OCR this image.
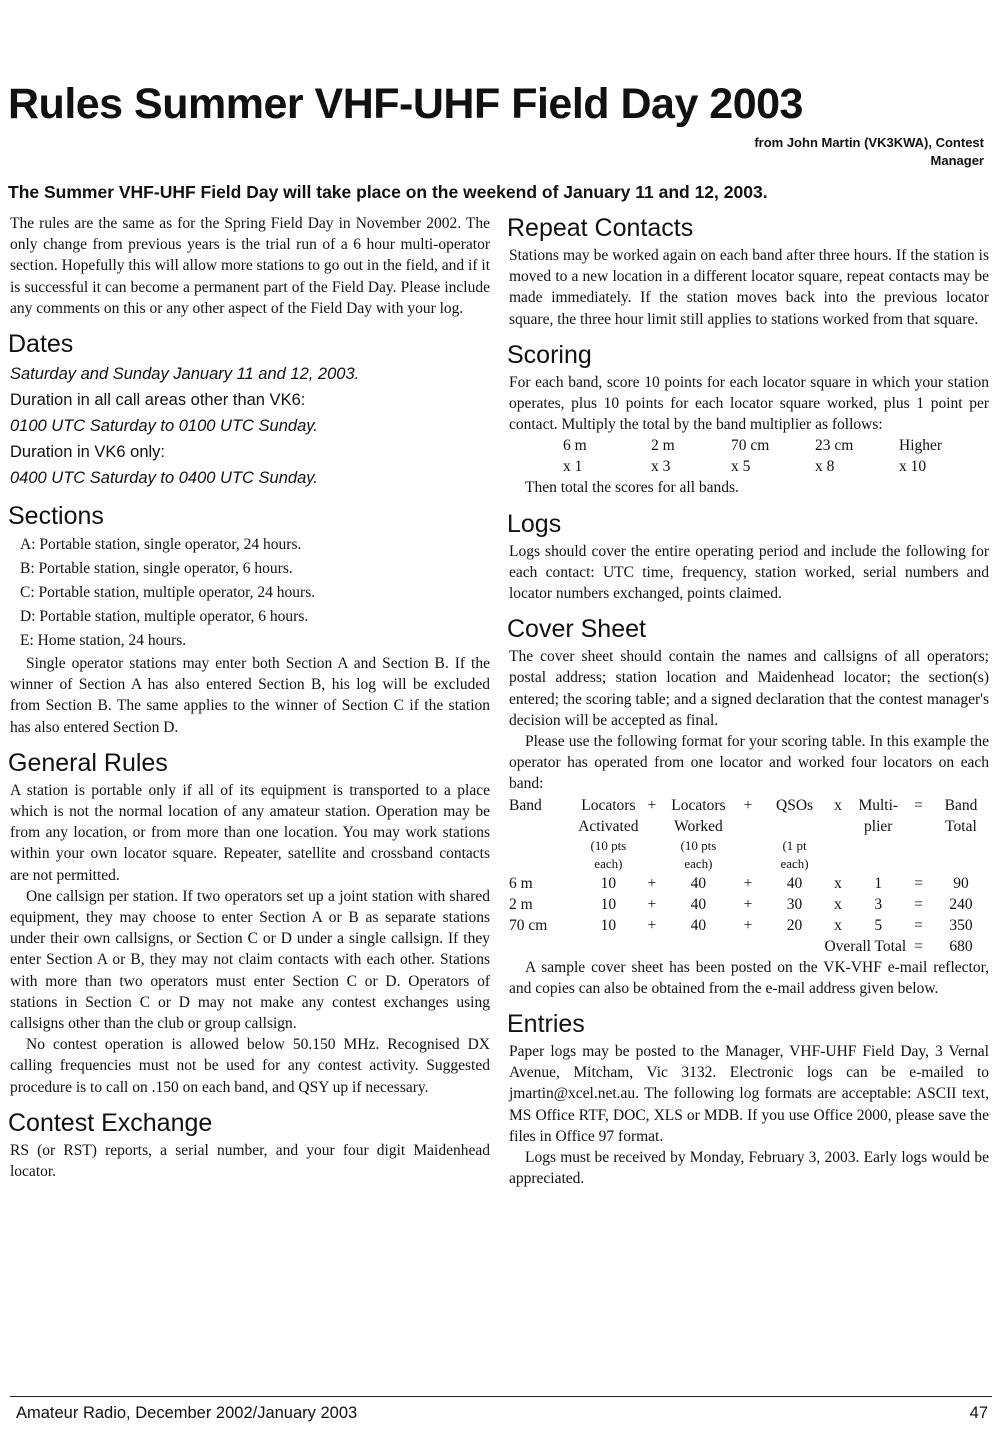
Rules Summer VHF-UHF Field Day 2003
from John Martin (VK3KWA), Contest
Manager
The Summer VHF-UHF Field Day will take place on the weekend of January 11 and 12, 2003.

The rules are the same as for the Spring Field Day in November 2002. The only change from previous years is the trial run of a 6 hour multi-operator section. Hopefully this will allow more stations to go out in the field, and if it is successful it can become a permanent part of the Field Day. Please include any comments on this or any other aspect of the Field Day with your log.

Dates

Saturday and Sunday January 11 and 12, 2003.

Duration in all call areas other than VK6:

0100 UTC Saturday to 0100 UTC Sunday.

Duration in VK6 only:

0400 UTC Saturday to 0400 UTC Sunday.

Sections
A: Portable station, single operator, 24 hours.
B: Portable station, single operator, 6 hours.
C: Portable station, multiple operator, 24 hours.
D: Portable station, multiple operator, 6 hours.
E: Home station, 24 hours.

Single operator stations may enter both Section A and Section B. If the winner of Section A has also entered Section B, his log will be excluded from Section B. The same applies to the winner of Section C if the station has also entered Section D.

General Rules

A station is portable only if all of its equipment is transported to a place which is not the normal location of any amateur station. Operation may be from any location, or from more than one location. You may work stations within your own locator square. Repeater, satellite and crossband contacts are not permitted.

One callsign per station. If two operators set up a joint station with shared equipment, they may choose to enter Section A or B as separate stations under their own callsigns, or Section C or D under a single callsign. If they enter Section A or B, they may not claim contacts with each other. Stations with more than two operators must enter Section C or D. Operators of stations in Section C or D may not make any contest exchanges using callsigns other than the club or group callsign.

No contest operation is allowed below 50.150 MHz. Recognised DX calling frequencies must not be used for any contest activity. Suggested procedure is to call on .150 on each band, and QSY up if necessary.

Contest Exchange

RS (or RST) reports, a serial number, and your four digit Maidenhead locator.

Repeat Contacts

Stations may be worked again on each band after three hours. If the station is moved to a new location in a different locator square, repeat contacts may be made immediately. If the station moves back into the previous locator square, the three hour limit still applies to stations worked from that square.

Scoring

For each band, score 10 points for each locator square in which your station operates, plus 10 points for each locator square worked, plus 1 point per contact. Multiply the total by the band multiplier as follows:

6 m	2 m	70 cm	23 cm	Higher
x 1	x 3	x 5	x 8	x 10

Then total the scores for all bands.

Logs

Logs should cover the entire operating period and include the following for each contact: UTC time, frequency, station worked, serial numbers and locator numbers exchanged, points claimed.

Cover Sheet

The cover sheet should contain the names and callsigns of all operators; postal address; station location and Maidenhead locator; the section(s) entered; the scoring table; and a signed declaration that the contest manager's decision will be accepted as final.

Please use the following format for your scoring table. In this example the operator has operated from one locator and worked four locators on each band:

Band	Locators	+	Locators	+	QSOs	x	Multi-	=	Band
	Activated		Worked				plier		Total
	(10 pts		(10 pts		(1 pt				
	each)		each)		each)				
6 m	10	+	40	+	40	x	1	=	90
2 m	10	+	40	+	30	x	3	=	240
70 cm	10	+	40	+	20	x	5	=	350
				Overall Total				=	680

A sample cover sheet has been posted on the VK-VHF e-mail reflector, and copies can also be obtained from the e-mail address given below.

Entries

Paper logs may be posted to the Manager, VHF-UHF Field Day, 3 Vernal Avenue, Mitcham, Vic 3132. Electronic logs can be e-mailed to jmartin@xcel.net.au. The following log formats are acceptable: ASCII text, MS Office RTF, DOC, XLS or MDB. If you use Office 2000, please save the files in Office 97 format.

Logs must be received by Monday, February 3, 2003. Early logs would be appreciated.

Amateur Radio, December 2002/January 2003	47
